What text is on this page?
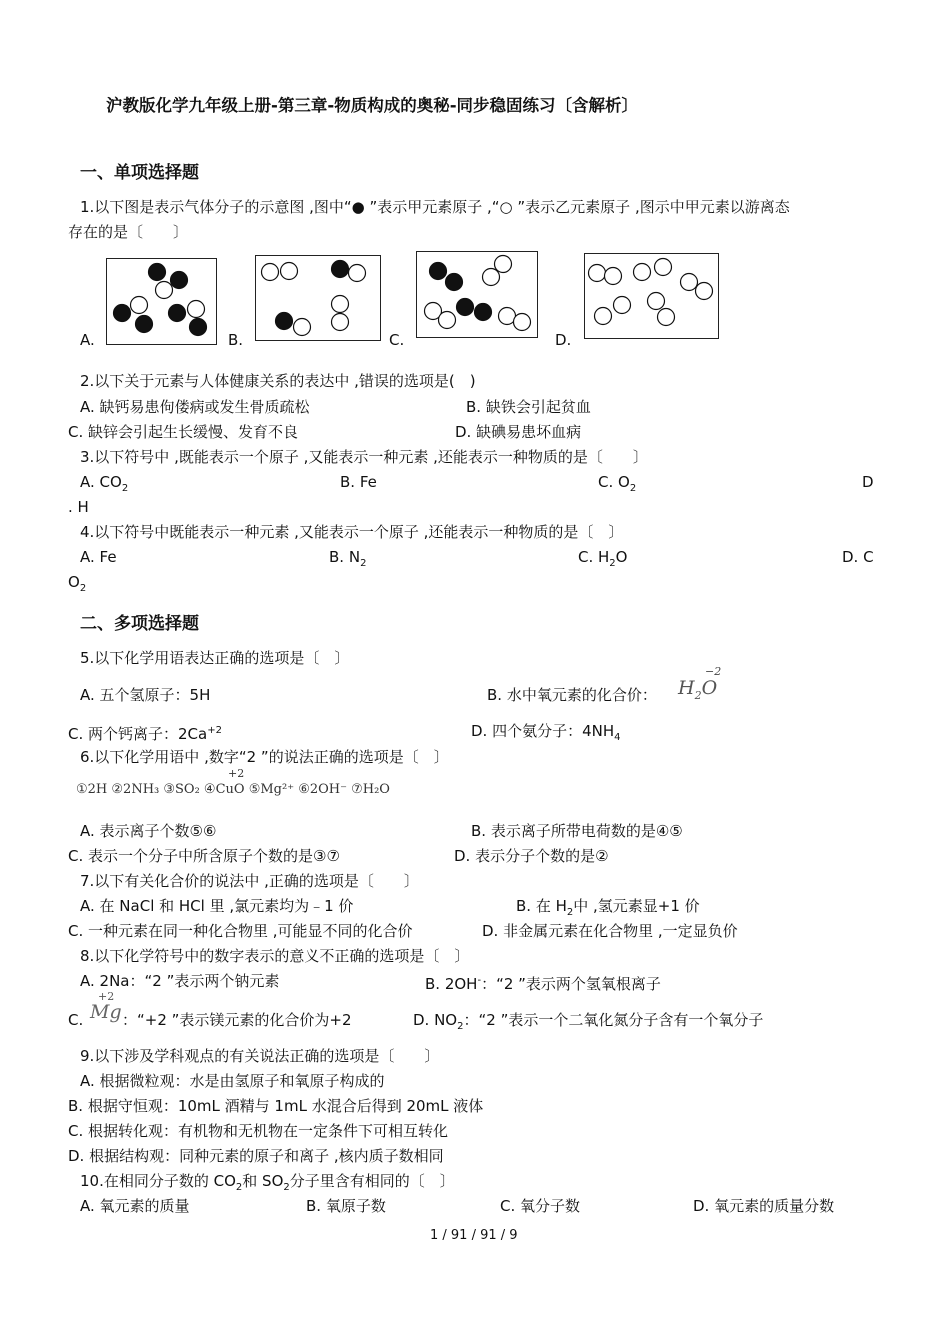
沪教版化学九年级上册-第三章-物质构成的奥秘-同步稳固练习〔含解析〕
一、单项选择题
1.以下图是表示气体分子的示意图 ,图中“● ”表示甲元素原子 ,“○ ”表示乙元素原子 ,图示中甲元素以游离态
存在的是〔　　〕
A.	B.	C.	D.
2.以下关于元素与人体健康关系的表达中 ,错误的选项是(　)
A. 缺钙易患佝偻病或发生骨质疏松	B. 缺铁会引起贫血
C. 缺锌会引起生长缓慢、发育不良	D. 缺碘易患坏血病
3.以下符号中 ,既能表示一个原子 ,又能表示一种元素 ,还能表示一种物质的是〔　　〕
A. $CO_2$	B. Fe	C. $O_2$	D
. H
4.以下符号中既能表示一种元素 ,又能表示一个原子 ,还能表示一种物质的是〔　〕
A. Fe	B. $N_2$	C. $H_2O$	D. C
$O_2$
二、多项选择题
5.以下化学用语表达正确的选项是〔　〕
A. 五个氢原子：5H	B. 水中氧元素的化合价：
−2
$H_2O$
C. 两个钙离子：$2Ca^{+2}$	D. 四个氨分子：$4NH_4$
6.以下化学用语中 ,数字“2 ”的说法正确的选项是〔　〕
+2
①2H ②2NH₃ ③SO₂ ④CuO ⑤Mg²⁺ ⑥2OH⁻ ⑦H₂O
A. 表示离子个数⑤⑥	B. 表示离子所带电荷数的是④⑤
C. 表示一个分子中所含原子个数的是③⑦	D. 表示分子个数的是②
7.以下有关化合价的说法中 ,正确的选项是〔　　〕
A. 在 NaCl 和 HCl 里 ,氯元素均为﹣1 价	B. 在 $H_2$中 ,氢元素显+1 价
C. 一种元素在同一种化合物里 ,可能显不同的化合价	D. 非金属元素在化合物里 ,一定显负价
8.以下化学符号中的数字表示的意义不正确的选项是〔　〕
A. 2Na：“2 ”表示两个钠元素	B. 2OH-：“2 ”表示两个氢氧根离子
C.
+2
Mg ：“+2 ”表示镁元素的化合价为+2	D. $NO_2$：“2 ”表示一个二氧化氮分子含有一个氧分子
9.以下涉及学科观点的有关说法正确的选项是〔　　〕
A. 根据微粒观：水是由氢原子和氧原子构成的
B. 根据守恒观：10mL 酒精与 1mL 水混合后得到 20mL 液体
C. 根据转化观：有机物和无机物在一定条件下可相互转化
D. 根据结构观：同种元素的原子和离子 ,核内质子数相同
10.在相同分子数的 $CO_2$和 $SO_2$分子里含有相同的〔　〕
A. 氧元素的质量	B. 氧原子数	C. 氧分子数	D. 氧元素的质量分数
1 / 91 / 91 / 9
